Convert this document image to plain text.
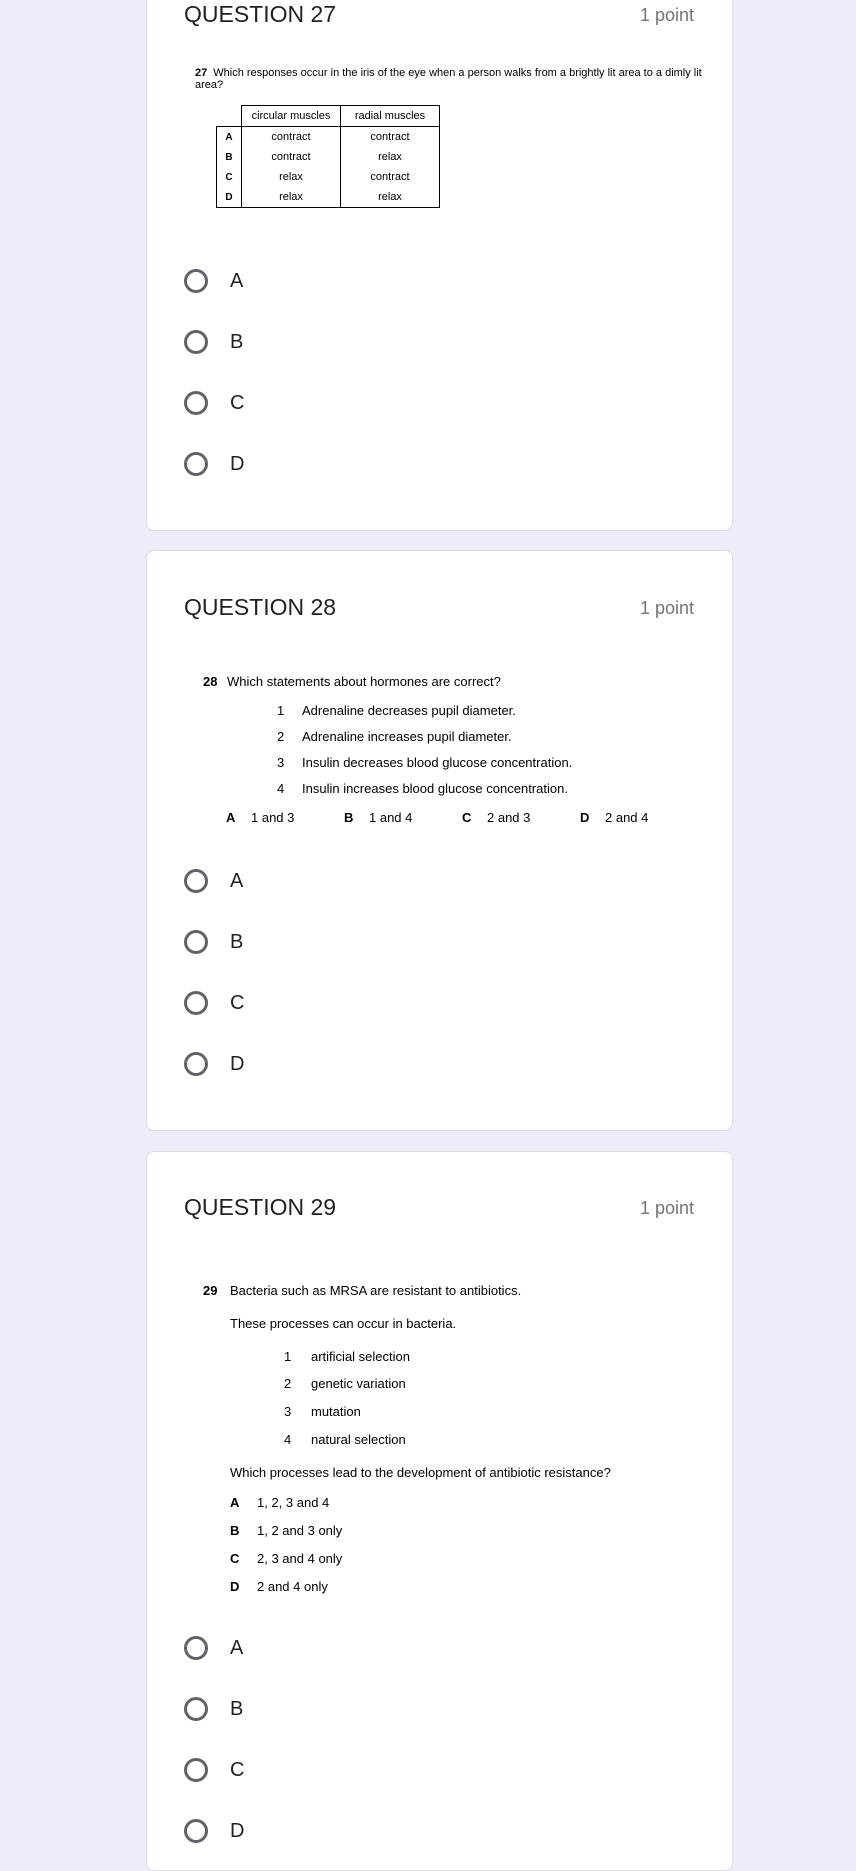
QUESTION 27	1 point
27 Which responses occur in the iris of the eye when a person walks from a brightly lit area to a dimly lit area?
	circular muscles	radial muscles
A	contract	contract
B	contract	relax
C	relax	contract
D	relax	relax
A
B
C
D
QUESTION 28	1 point
28 Which statements about hormones are correct?
1 Adrenaline decreases pupil diameter.
2 Adrenaline increases pupil diameter.
3 Insulin decreases blood glucose concentration.
4 Insulin increases blood glucose concentration.
A 1 and 3	B 1 and 4	C 2 and 3	D 2 and 4
A
B
C
D
QUESTION 29	1 point
29 Bacteria such as MRSA are resistant to antibiotics.
These processes can occur in bacteria.
1 artificial selection
2 genetic variation
3 mutation
4 natural selection
Which processes lead to the development of antibiotic resistance?
A 1, 2, 3 and 4
B 1, 2 and 3 only
C 2, 3 and 4 only
D 2 and 4 only
A
B
C
D
